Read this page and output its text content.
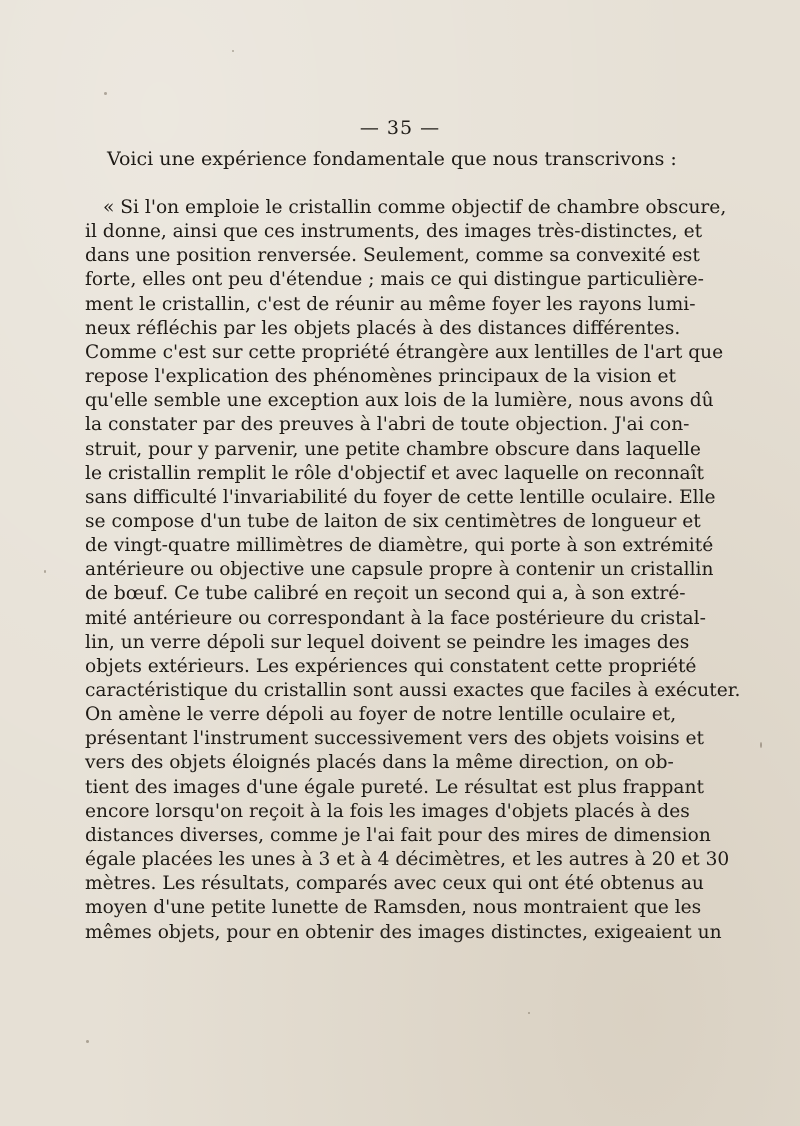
— 35 —
Voici une expérience fondamentale que nous transcrivons :
« Si l'on emploie le cristallin comme objectif de chambre obscure,
il donne, ainsi que ces instruments, des images très-distinctes, et
dans une position renversée. Seulement, comme sa convexité est
forte, elles ont peu d'étendue ; mais ce qui distingue particulière-
ment le cristallin, c'est de réunir au même foyer les rayons lumi-
neux réfléchis par les objets placés à des distances différentes.
Comme c'est sur cette propriété étrangère aux lentilles de l'art que
repose l'explication des phénomènes principaux de la vision et
qu'elle semble une exception aux lois de la lumière, nous avons dû
la constater par des preuves à l'abri de toute objection. J'ai con-
struit, pour y parvenir, une petite chambre obscure dans laquelle
le cristallin remplit le rôle d'objectif et avec laquelle on reconnaît
sans difficulté l'invariabilité du foyer de cette lentille oculaire. Elle
se compose d'un tube de laiton de six centimètres de longueur et
de vingt-quatre millimètres de diamètre, qui porte à son extrémité
antérieure ou objective une capsule propre à contenir un cristallin
de bœuf. Ce tube calibré en reçoit un second qui a, à son extré-
mité antérieure ou correspondant à la face postérieure du cristal-
lin, un verre dépoli sur lequel doivent se peindre les images des
objets extérieurs. Les expériences qui constatent cette propriété
caractéristique du cristallin sont aussi exactes que faciles à exécuter.
On amène le verre dépoli au foyer de notre lentille oculaire et,
présentant l'instrument successivement vers des objets voisins et
vers des objets éloignés placés dans la même direction, on ob-
tient des images d'une égale pureté. Le résultat est plus frappant
encore lorsqu'on reçoit à la fois les images d'objets placés à des
distances diverses, comme je l'ai fait pour des mires de dimension
égale placées les unes à 3 et à 4 décimètres, et les autres à 20 et 30
mètres. Les résultats, comparés avec ceux qui ont été obtenus au
moyen d'une petite lunette de Ramsden, nous montraient que les
mêmes objets, pour en obtenir des images distinctes, exigeaient un
